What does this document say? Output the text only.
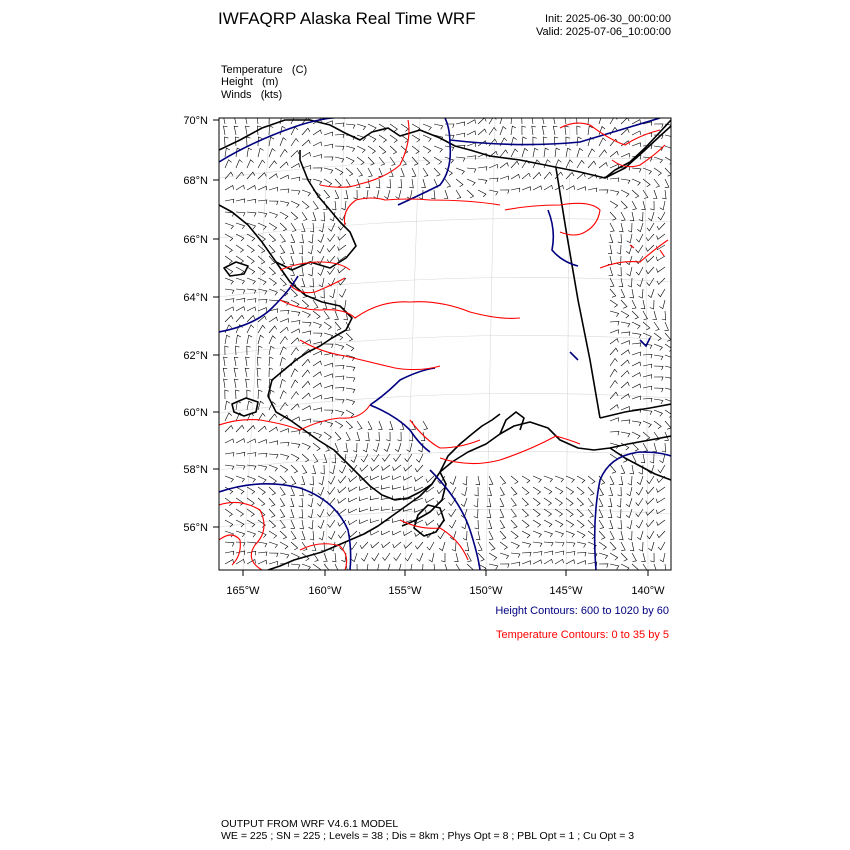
IWFAQRP Alaska Real Time WRF	Init: 2025-06-30_00:00:00
Valid: 2025-07-06_10:00:00
Temperature   (C)
Height   (m)
Winds   (kts)
70°N
68°N
66°N
64°N
62°N
60°N
58°N
56°N
165°W	160°W	155°W	150°W	145°W	140°W
Height Contours: 600 to 1020 by 60
Temperature Contours: 0 to 35 by 5
OUTPUT FROM WRF V4.6.1 MODEL
WE = 225 ; SN = 225 ; Levels = 38 ; Dis = 8km ; Phys Opt = 8 ; PBL Opt = 1 ; Cu Opt = 3
